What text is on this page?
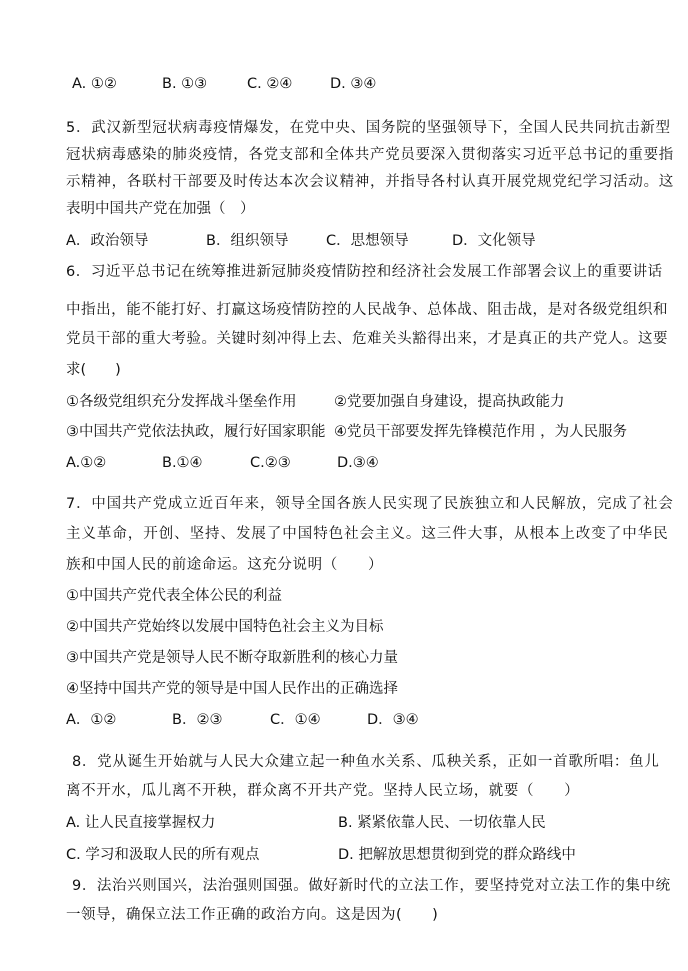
A. ①②	B. ①③	C. ②④	D. ③④
5．武汉新型冠状病毒疫情爆发，在党中央、国务院的坚强领导下，全国人民共同抗击新型
冠状病毒感染的肺炎疫情，各党支部和全体共产党员要深入贯彻落实习近平总书记的重要指
示精神，各联村干部要及时传达本次会议精神，并指导各村认真开展党规党纪学习活动。这
表明中国共产党在加强（　）
A．政治领导	B．组织领导	C．思想领导	D．文化领导
6．习近平总书记在统筹推进新冠肺炎疫情防控和经济社会发展工作部署会议上的重要讲话
中指出，能不能打好、打赢这场疫情防控的人民战争、总体战、阻击战，是对各级党组织和
党员干部的重大考验。关键时刻冲得上去、危难关头豁得出来，才是真正的共产党人。这要
求(　　)
①各级党组织充分发挥战斗堡垒作用	②党要加强自身建设，提高执政能力
③中国共产党依法执政，履行好国家职能 ④党员干部要发挥先锋模范作用 ，为人民服务
A.①②	B.①④	C.②③	D.③④
7．中国共产党成立近百年来，领导全国各族人民实现了民族独立和人民解放，完成了社会
主义革命，开创、坚持、发展了中国特色社会主义。这三件大事，从根本上改变了中华民
族和中国人民的前途命运。这充分说明（　　）
①中国共产党代表全体公民的利益
②中国共产党始终以发展中国特色社会主义为目标
③中国共产党是领导人民不断夺取新胜利的核心力量
④坚持中国共产党的领导是中国人民作出的正确选择
A．①②	B．②③	C．①④	D．③④
8．党从诞生开始就与人民大众建立起一种鱼水关系、瓜秧关系，正如一首歌所唱：鱼儿
离不开水，瓜儿离不开秧，群众离不开共产党。坚持人民立场，就要（　　）
A. 让人民直接掌握权力	B. 紧紧依靠人民、一切依靠人民
C. 学习和汲取人民的所有观点	D. 把解放思想贯彻到党的群众路线中
9．法治兴则国兴，法治强则国强。做好新时代的立法工作，要坚持党对立法工作的集中统
一领导，确保立法工作正确的政治方向。这是因为(　　)
